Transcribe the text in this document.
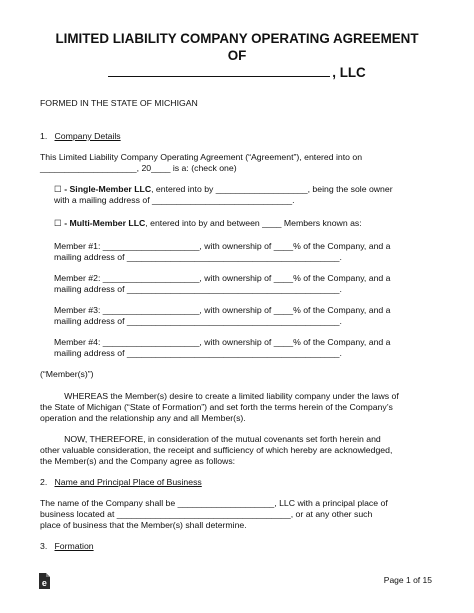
LIMITED LIABILITY COMPANY OPERATING AGREEMENT
OF
, LLC
FORMED IN THE STATE OF MICHIGAN
1. Company Details
This Limited Liability Company Operating Agreement (“Agreement”), entered into on
____________________, 20____ is a: (check one)
☐ - Single-Member LLC, entered into by ___________________, being the sole owner
with a mailing address of _____________________________.
☐ - Multi-Member LLC, entered into by and between ____ Members known as:
Member #1: ____________________, with ownership of ____% of the Company, and a
mailing address of ____________________________________________.
Member #2: ____________________, with ownership of ____% of the Company, and a
mailing address of ____________________________________________.
Member #3: ____________________, with ownership of ____% of the Company, and a
mailing address of ____________________________________________.
Member #4: ____________________, with ownership of ____% of the Company, and a
mailing address of ____________________________________________.
(“Member(s)”)
WHEREAS the Member(s) desire to create a limited liability company under the laws of
the State of Michigan (“State of Formation”) and set forth the terms herein of the Company’s
operation and the relationship any and all Member(s).
NOW, THEREFORE, in consideration of the mutual covenants set forth herein and
other valuable consideration, the receipt and sufficiency of which hereby are acknowledged,
the Member(s) and the Company agree as follows:
2. Name and Principal Place of Business
The name of the Company shall be ____________________, LLC with a principal place of
business located at ____________________________________, or at any other such
place of business that the Member(s) shall determine.
3. Formation
e	Page 1 of 15
